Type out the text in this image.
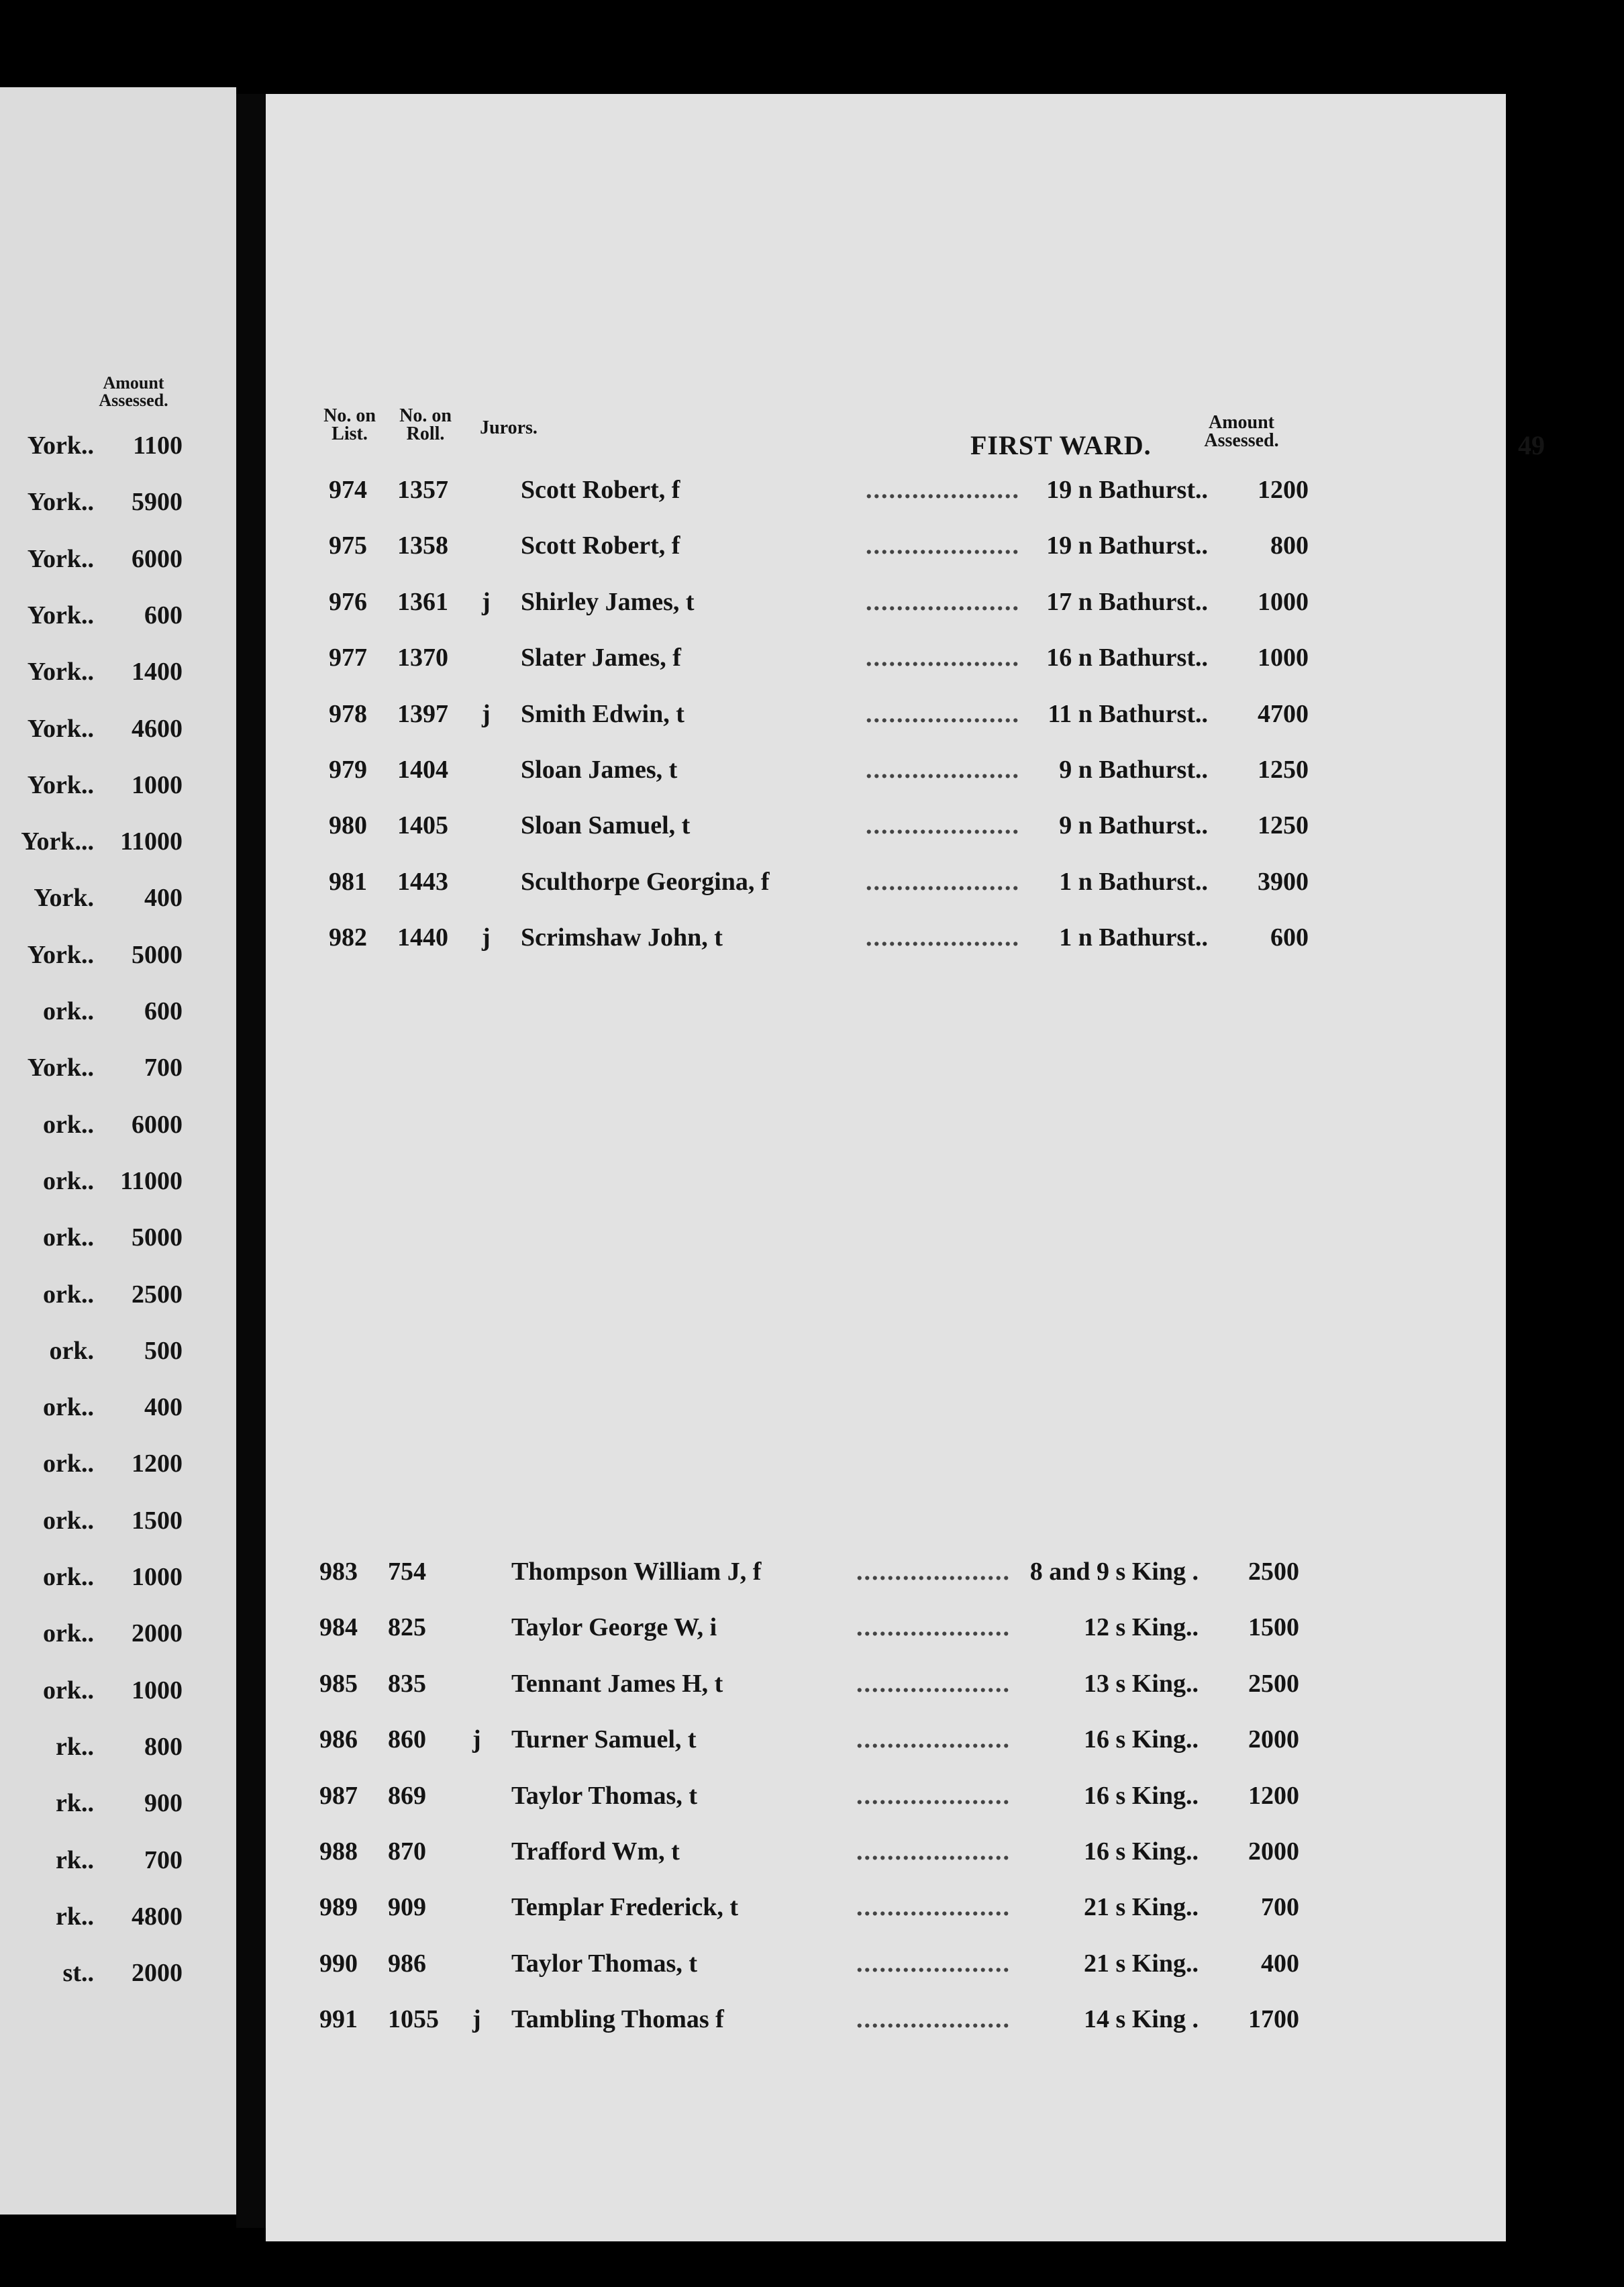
Amount Assessed.
York.. 1100
York.. 5900
York.. 6000
York.. 600
York.. 1400
York.. 4600
York.. 1000
York... 11000
York. 400
York.. 5000
ork.. 600
York.. 700
ork.. 6000
ork.. 11000
ork.. 5000
ork.. 2500
ork. 500
ork.. 400
ork.. 1200
ork.. 1500
ork.. 1000
ork.. 2000
ork.. 1000
rk.. 800
rk.. 900
rk.. 700
rk.. 4800
st.. 2000
FIRST WARD.	49
No. on List.
No. on Roll.	Jurors.	Amount Assessed.
974	1357	Scott Robert, f	.................... 19 n Bathurst.. 1200
975	1358	Scott Robert, f	.................... 19 n Bathurst.. 800
976	1361	j	Shirley James, t	.................... 17 n Bathurst.. 1000
977	1370	Slater James, f	.................... 16 n Bathurst.. 1000
978	1397	j	Smith Edwin, t	.................... 11 n Bathurst.. 4700
979	1404	Sloan James, t	.................... 9 n Bathurst.. 1250
980	1405	Sloan Samuel, t	.................... 9 n Bathurst.. 1250
981	1443	Sculthorpe Georgina, f	.................... 1 n Bathurst.. 3900
982	1440	j	Scrimshaw John, t	.................... 1 n Bathurst.. 600
983	754	Thompson William J, f	.................... 8 and 9 s King . 2500
984	825	Taylor George W, i	....................	12 s King.. 1500
985	835	Tennant James H, t	....................	13 s King.. 2500
986	860	j	Turner Samuel, t	....................	16 s King.. 2000
987	869	Taylor Thomas, t	....................	16 s King.. 1200
988	870	Trafford Wm, t	....................	16 s King.. 2000
989	909	Templar Frederick, t	....................	21 s King.. 700
990	986	Taylor Thomas, t	....................	21 s King.. 400
991	1055	j	Tambling Thomas f	....................	14 s King . 1700
